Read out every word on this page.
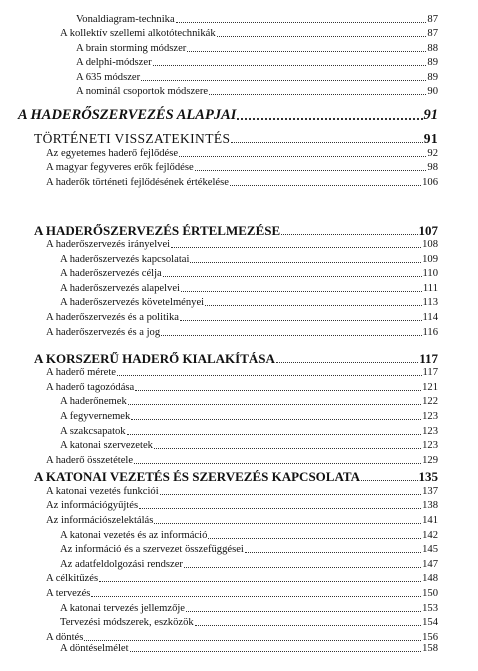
Vonaldiagram-technika	87
A kollektív szellemi alkotótechnikák	87
A brain storming módszer	88
A delphi-módszer	89
A 635 módszer	89
A nominál csoportok módszere	90
A HADERŐSZERVEZÉS ALAPJAI	91
TÖRTÉNETI VISSZATEKINTÉS	91
Az egyetemes haderő fejlődése	92
A magyar fegyveres erők fejlődése	98
A haderők történeti fejlődésének értékelése	106
A HADERŐSZERVEZÉS ÉRTELMEZÉSE	107
A haderőszervezés irányelvei	108
A haderőszervezés kapcsolatai	109
A haderőszervezés célja	110
A haderőszervezés alapelvei	111
A haderőszervezés követelményei	113
A haderőszervezés és a politika	114
A haderőszervezés és a jog	116
A KORSZERŰ HADERŐ KIALAKÍTÁSA	117
A haderő mérete	117
A haderő tagozódása	121
A haderőnemek	122
A fegyvernemek	123
A szakcsapatok	123
A katonai szervezetek	123
A haderő összetétele	129
A KATONAI VEZETÉS ÉS SZERVEZÉS KAPCSOLATA	135
A katonai vezetés funkciói	137
Az információgyűjtés	138
Az információszelektálás	141
A katonai vezetés és az információ	142
Az információ és a szervezet összefüggései	145
Az adatfeldolgozási rendszer	147
A célkitűzés	148
A tervezés	150
A katonai tervezés jellemzője	153
Tervezési módszerek, eszközök	154
A döntés	156
A döntéselmélet	158
